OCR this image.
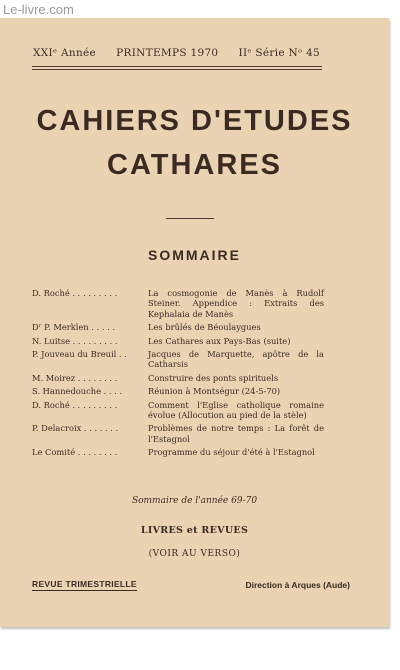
Le-livre.com
XXIᵉ Année PRINTEMPS 1970 IIᵉ Série Nᵒ 45
CAHIERS D'ETUDES
CATHARES
SOMMAIRE
D. Roché . . . . . . . . .	La cosmogonie de Manès à Rudolf Steiner. Appendice : Extraits des Kephalaia de Manès
Dʳ P. Merklen . . . . .	Les brûlés de Béoulaygues
N. Luitse . . . . . . . . .	Les Cathares aux Pays-Bas (suite)
P. Jouveau du Breuil . .	Jacques de Marquette, apôtre de la Catharsis
M. Moirez . . . . . . . .	Construire des ponts spirituels
S. Hannedouche . . . .	Réunion à Montségur (24-5-70)
D. Roché . . . . . . . . .	Comment l'Eglise catholique romaine évolue (Allocution au pied de la stèle)
P. Delacroix . . . . . . .	Problèmes de notre temps : La forêt de l'Estagnol
Le Comité . . . . . . . .	Programme du séjour d'été à l'Estagnol
Sommaire de l'année 69-70
LIVRES et REVUES
(VOIR AU VERSO)
REVUE TRIMESTRIELLE	Direction à Arques (Aude)
